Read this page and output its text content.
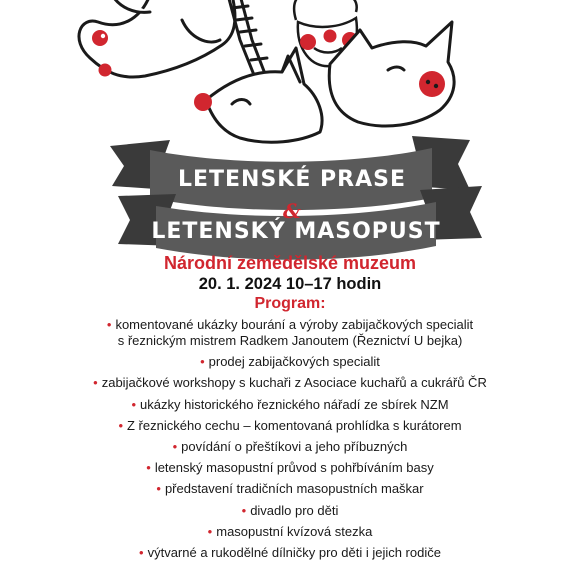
LETENSKÉ PRASE
&
LETENSKÝ MASOPUST

Národní zemědělské muzeum

20. 1. 2024 10–17 hodin

Program:

• komentované ukázky bourání a výroby zabijačkových specialit
s řeznickým mistrem Radkem Janoutem (Řeznictví U bejka)
• prodej zabijačkových specialit
• zabijačkové workshopy s kuchaři z Asociace kuchařů a cukrářů ČR
• ukázky historického řeznického nářadí ze sbírek NZM
• Z řeznického cechu – komentovaná prohlídka s kurátorem
• povídání o přeštíkovi a jeho příbuzných
• letenský masopustní průvod s pohřbíváním basy
• představení tradičních masopustních maškar
• divadlo pro děti
• masopustní kvízová stezka
• výtvarné a rukodělné dílničky pro děti i jejich rodiče
